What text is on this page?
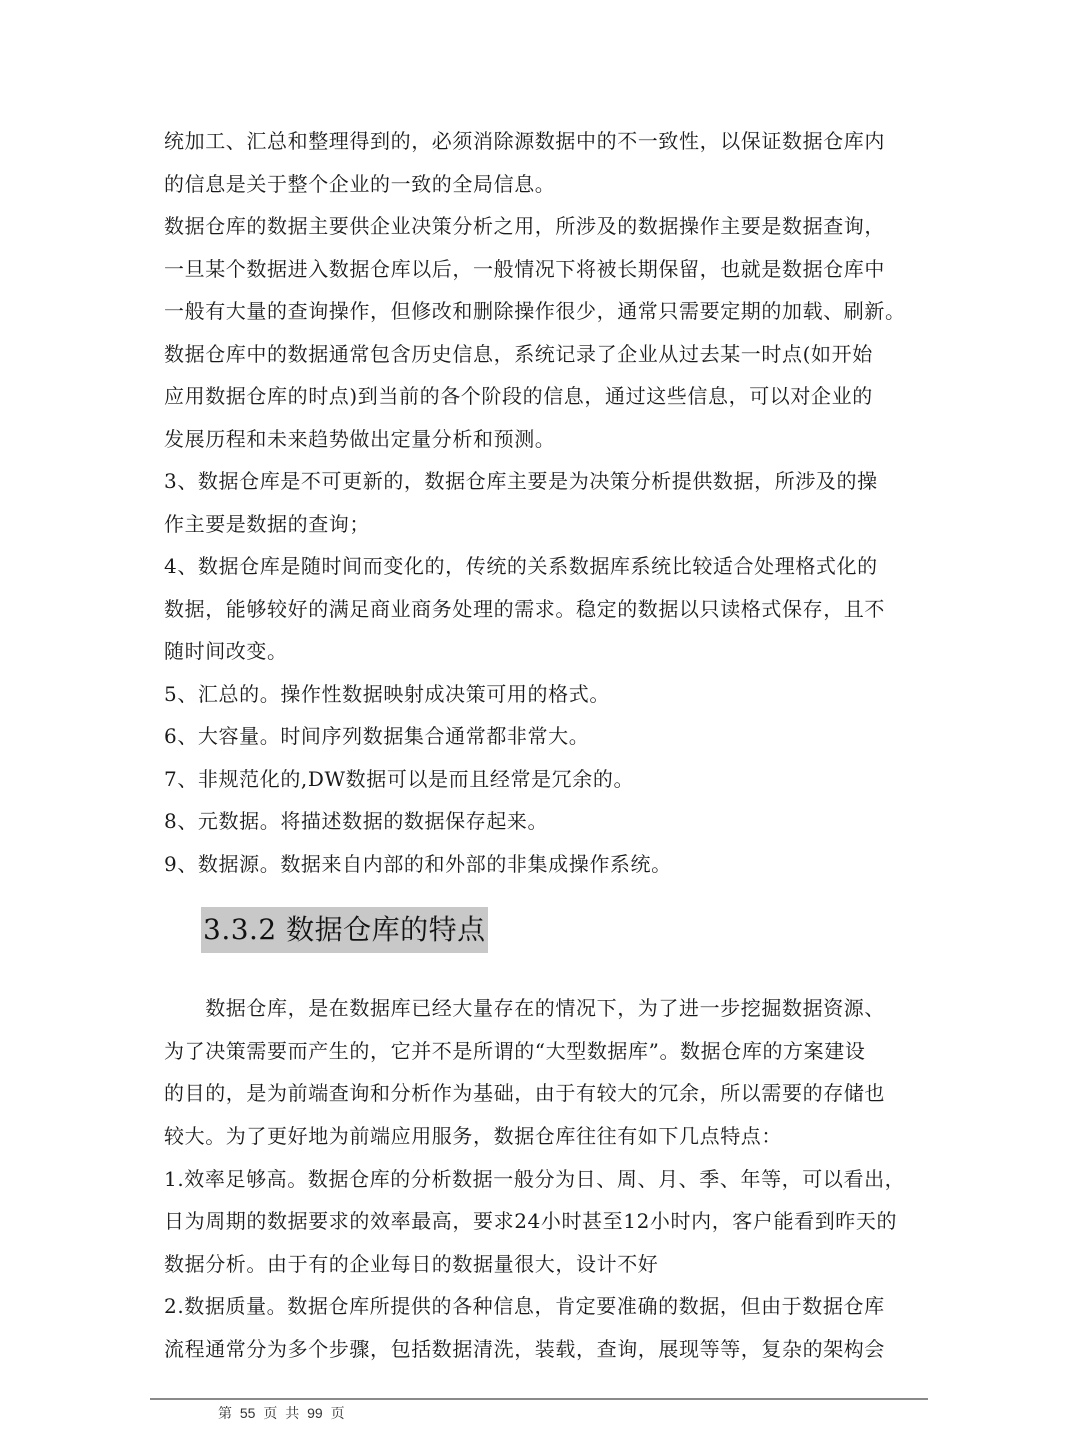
统加工、汇总和整理得到的，必须消除源数据中的不一致性，以保证数据仓库内
的信息是关于整个企业的一致的全局信息。
数据仓库的数据主要供企业决策分析之用，所涉及的数据操作主要是数据查询，
一旦某个数据进入数据仓库以后，一般情况下将被长期保留，也就是数据仓库中
一般有大量的查询操作，但修改和删除操作很少，通常只需要定期的加载、刷新。
数据仓库中的数据通常包含历史信息，系统记录了企业从过去某一时点(如开始
应用数据仓库的时点)到当前的各个阶段的信息，通过这些信息，可以对企业的
发展历程和未来趋势做出定量分析和预测。
3、数据仓库是不可更新的，数据仓库主要是为决策分析提供数据，所涉及的操
作主要是数据的查询；
4、数据仓库是随时间而变化的，传统的关系数据库系统比较适合处理格式化的
数据，能够较好的满足商业商务处理的需求。稳定的数据以只读格式保存，且不
随时间改变。
5、汇总的。操作性数据映射成决策可用的格式。
6、大容量。时间序列数据集合通常都非常大。
7、非规范化的,DW数据可以是而且经常是冗余的。
8、元数据。将描述数据的数据保存起来。
9、数据源。数据来自内部的和外部的非集成操作系统。
3.3.2 数据仓库的特点
　　数据仓库，是在数据库已经大量存在的情况下，为了进一步挖掘数据资源、
为了决策需要而产生的，它并不是所谓的“大型数据库”。数据仓库的方案建设
的目的，是为前端查询和分析作为基础，由于有较大的冗余，所以需要的存储也
较大。为了更好地为前端应用服务，数据仓库往往有如下几点特点：
1.效率足够高。数据仓库的分析数据一般分为日、周、月、季、年等，可以看出，
日为周期的数据要求的效率最高，要求24小时甚至12小时内，客户能看到昨天的
数据分析。由于有的企业每日的数据量很大，设计不好
2.数据质量。数据仓库所提供的各种信息，肯定要准确的数据，但由于数据仓库
流程通常分为多个步骤，包括数据清洗，装载，查询，展现等等，复杂的架构会
第 55 页 共 99 页
